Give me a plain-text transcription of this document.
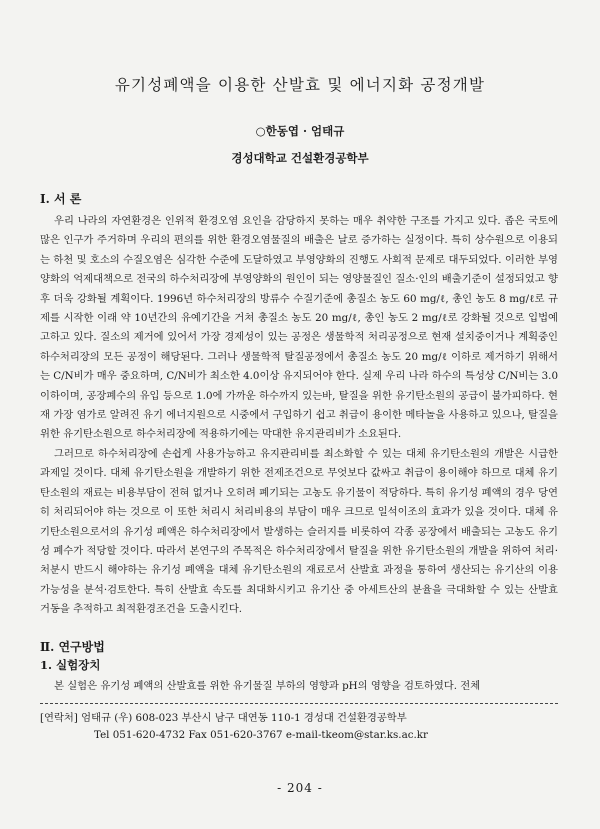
유기성폐액을 이용한 산발효 및 에너지화 공정개발
○한동엽 · 엄태규
경성대학교 건설환경공학부
Ⅰ. 서 론

우리 나라의 자연환경은 인위적 환경오염 요인을 감당하지 못하는 매우 취약한 구조를 가지고 있다. 좁은 국토에 많은 인구가 주거하며 우리의 편의를 위한 환경오염물질의 배출은 날로 증가하는 실정이다. 특히 상수원으로 이용되는 하천 및 호소의 수질오염은 심각한 수준에 도달하였고 부영양화의 진행도 사회적 문제로 대두되었다. 이러한 부영양화의 억제대책으로 전국의 하수처리장에 부영양화의 원인이 되는 영양물질인 질소·인의 배출기준이 설정되었고 향후 더욱 강화될 계획이다. 1996년 하수처리장의 방류수 수질기준에 총질소 농도 60 mg/ℓ, 총인 농도 8 mg/ℓ로 규제를 시작한 이래 약 10년간의 유예기간을 거쳐 총질소 농도 20 mg/ℓ, 총인 농도 2 mg/ℓ로 강화될 것으로 입법예고하고 있다. 질소의 제거에 있어서 가장 경제성이 있는 공정은 생물학적 처리공정으로 현재 설치중이거나 계획중인 하수처리장의 모든 공정이 해당된다. 그러나 생물학적 탈질공정에서 총질소 농도 20 mg/ℓ 이하로 제거하기 위해서는 C/N비가 매우 중요하며, C/N비가 최소한 4.0이상 유지되어야 한다. 실제 우리 나라 하수의 특성상 C/N비는 3.0이하이며, 공장폐수의 유입 등으로 1.0에 가까운 하수까지 있는바, 탈질을 위한 유기탄소원의 공급이 불가피하다. 현재 가장 염가로 알려진 유기 에너지원으로 시중에서 구입하기 쉽고 취급이 용이한 메타놀을 사용하고 있으나, 탈질을 위한 유기탄소원으로 하수처리장에 적용하기에는 막대한 유지관리비가 소요된다.

그러므로 하수처리장에 손쉽게 사용가능하고 유지관리비를 최소화할 수 있는 대체 유기탄소원의 개발은 시급한 과제일 것이다. 대체 유기탄소원을 개발하기 위한 전제조건으로 무엇보다 값싸고 취급이 용이해야 하므로 대체 유기탄소원의 재료는 비용부담이 전혀 없거나 오히려 폐기되는 고농도 유기물이 적당하다. 특히 유기성 폐액의 경우 당연히 처리되어야 하는 것으로 이 또한 처리시 처리비용의 부담이 매우 크므로 일석이조의 효과가 있을 것이다. 대체 유기탄소원으로서의 유기성 폐액은 하수처리장에서 발생하는 슬러지를 비롯하여 각종 공장에서 배출되는 고농도 유기성 폐수가 적당할 것이다. 따라서 본연구의 주목적은 하수처리장에서 탈질을 위한 유기탄소원의 개발을 위하여 처리·처분시 반드시 해야하는 유기성 폐액을 대체 유기탄소원의 재료로서 산발효 과정을 통하여 생산되는 유기산의 이용가능성을 분석·검토한다. 특히 산발효 속도를 최대화시키고 유기산 중 아세트산의 분율을 극대화할 수 있는 산발효 거동을 추적하고 최적환경조건을 도출시킨다.

Ⅱ. 연구방법
1. 실험장치

본 실험은 유기성 폐액의 산발효를 위한 유기물질 부하의 영향과 pH의 영향을 검토하였다. 전체

[연락처] 엄태규 (우) 608-023 부산시 남구 대연동 110-1 경성대 건설환경공학부
Tel 051-620-4732 Fax 051-620-3767 e-mail-tkeom@star.ks.ac.kr
- 204 -
